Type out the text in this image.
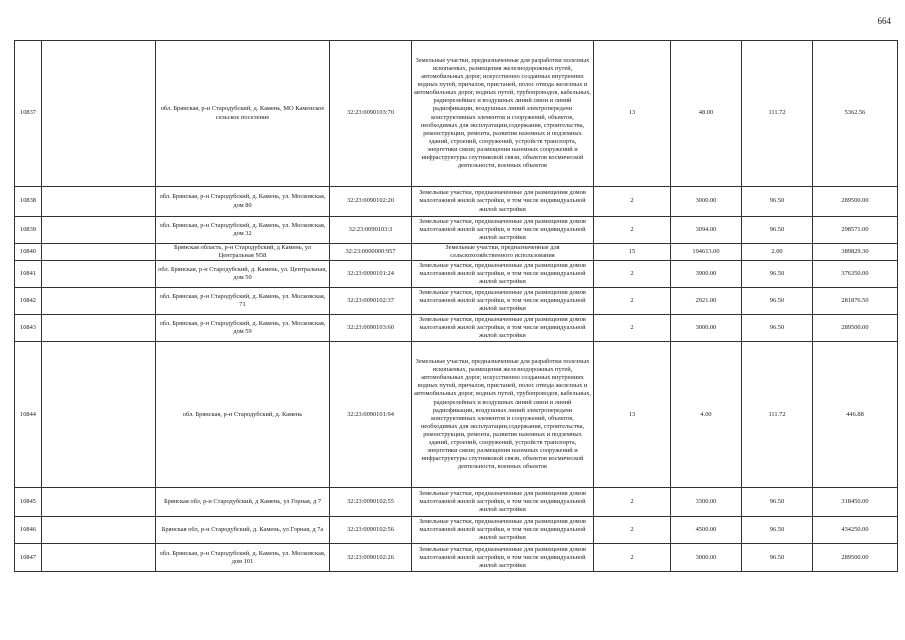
664
10837		обл. Брянская, р-н Стародубский, д. Камень, МО Каменское сельское поселение	32:23:0090103:70	Земельные участки, предназначенные для разработки полезных ископаемых, размещения железнодорожных путей, автомобильных дорог, искусственно созданных внутренних водных путей, причалов, пристаней, полос отвода железных и автомобильных дорог, водных путей, трубопроводов, кабельных, радиорелейных и воздушных линий связи и линий радиофикации, воздушных линий электропередачи конструктивных элементов и сооружений, объектов, необходимых для эксплуатации,содержания, строительства, реконструкции, ремонта, развития наземных и подземных зданий, строений, сооружений, устройств транспорта, энергетики связи; размещения наземных сооружений и инфраструктуры спутниковой связи, объектов космической деятельности, военных объектов	13	48.00	111.72	5362.56
10838		обл. Брянская, р-н Стародубский, д. Камень, ул. Московская, дом 80	32:23:0090102:20	Земельные участки, предназначенные для размещения домов малоэтажной жилой застройки, в том числе индивидуальной жилой застройки	2	3000.00	96.50	289500.00
10839		обл. Брянская, р-н Стародубский, д. Камень, ул. Московская, дом 32	32:23:0090103:3	Земельные участки, предназначенные для размещения домов малоэтажной жилой застройки, в том числе индивидуальной жилой застройки	2	3094.00	96.50	298571.00
10840		Брянская область, р-н Стародубский, д Камень, ул Центральная N58	32:23:0000000:957	Земельные участки, предназначенные для сельскохозяйственного использования	15	194613.00	2.00	389829.30
10841		обл. Брянская, р-н Стародубский, д. Камень, ул. Центральная, дом 50	32:23:0090101:24	Земельные участки, предназначенные для размещения домов малоэтажной жилой застройки, в том числе индивидуальной жилой застройки	2	3900.00	96.50	376350.00
10842		обл. Брянская, р-н Стародубский, д. Камень, ул. Московская, 71	32:23:0090102:37	Земельные участки, предназначенные для размещения домов малоэтажной жилой застройки, в том числе индивидуальной жилой застройки	2	2921.00	96.50	281876.50
10843		обл. Брянская, р-н Стародубский, д. Камень, ул. Московская, дом 59	32:23:0090103:60	Земельные участки, предназначенные для размещения домов малоэтажной жилой застройки, в том числе индивидуальной жилой застройки	2	3000.00	96.50	289500.00
10844		обл. Брянская, р-н Стародубский, д. Камень	32:23:0090101:94	Земельные участки, предназначенные для разработки полезных ископаемых, размещения железнодорожных путей, автомобильных дорог, искусственно созданных внутренних водных путей, причалов, пристаней, полос отвода железных и автомобильных дорог, водных путей, трубопроводов, кабельных, радиорелейных и воздушных линий связи и линий радиофикации, воздушных линий электропередачи конструктивных элементов и сооружений, объектов, необходимых для эксплуатации,содержания, строительства, реконструкции, ремонта, развития наземных и подземных зданий, строений, сооружений, устройств транспорта, энергетики связи; размещения наземных сооружений и инфраструктуры спутниковой связи, объектов космической деятельности, военных объектов	13	4.00	111.72	446.88
10845		Брянская обл, р-н Стародубский, д Камень, ул Горная, д 7	32:23:0090102:55	Земельные участки, предназначенные для размещения домов малоэтажной жилой застройки, в том числе индивидуальной жилой застройки	2	3300.00	96.50	318450.00
10846		Брянская обл, р-н Стародубский, д. Камень, ул Горная, д 7а	32:23:0090102:56	Земельные участки, предназначенные для размещения домов малоэтажной жилой застройки, в том числе индивидуальной жилой застройки	2	4500.00	96.50	434250.00
10847		обл. Брянская, р-н Стародубский, д. Камень, ул. Московская, дом 101	32:23:0090102:26	Земельные участки, предназначенные для размещения домов малоэтажной жилой застройки, в том числе индивидуальной жилой застройки	2	3000.00	96.50	289500.00
